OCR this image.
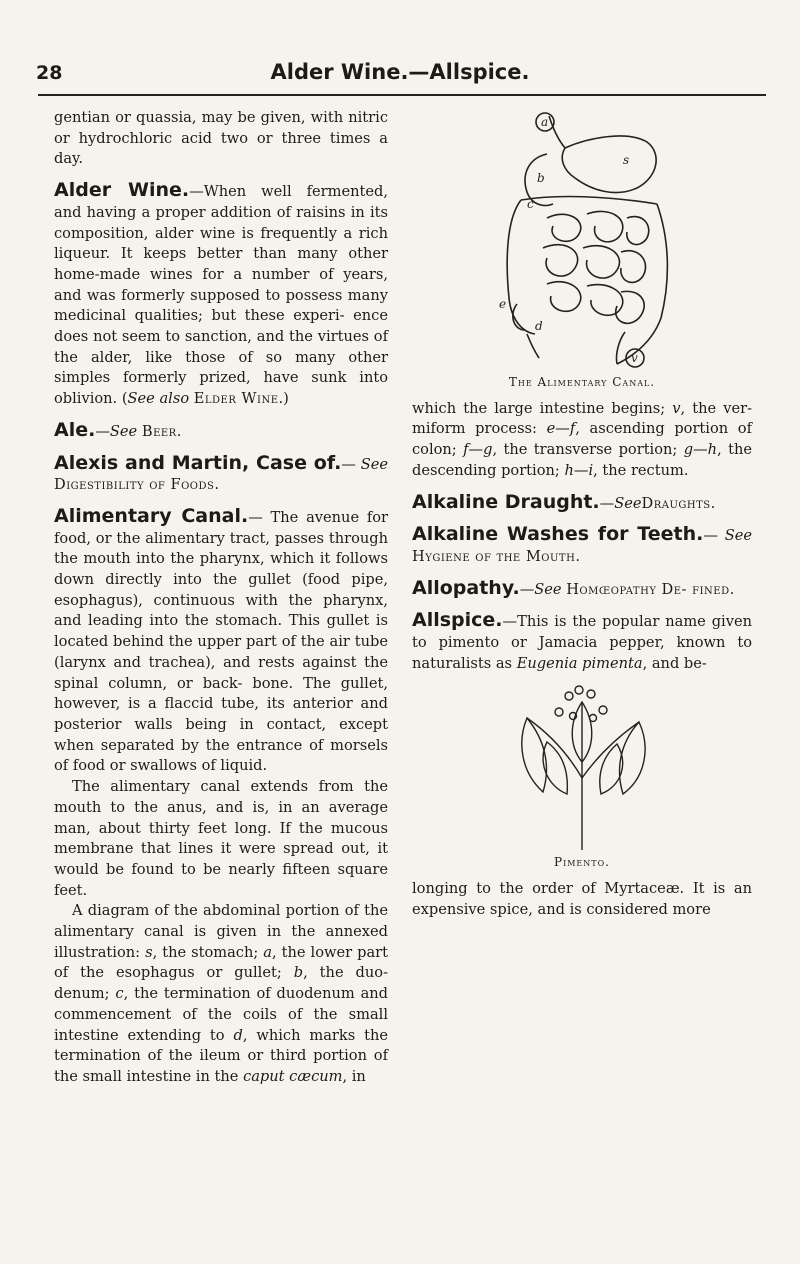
28	Alder Wine.—Allspice.

gentian or quassia, may be given, with nitric or hydrochloric acid two or three times a day.

Alder Wine.—When well fermented, and having a proper addition of raisins in its composition, alder wine is frequently a rich liqueur. It keeps better than many other home-made wines for a number of years, and was formerly supposed to possess many medicinal qualities; but these experi- ence does not seem to sanction, and the virtues of the alder, like those of so many other simples formerly prized, have sunk into oblivion. (See also Elder Wine.)

Ale.—See Beer.

Alexis and Martin, Case of.— See Digestibility of Foods.

Alimentary Canal.— The avenue for food, or the alimentary tract, passes through the mouth into the pharynx, which it follows down directly into the gullet (food pipe, esophagus), continuous with the pharynx, and leading into the stomach. This gullet is located behind the upper part of the air tube (larynx and trachea), and rests against the spinal column, or back- bone. The gullet, however, is a flaccid tube, its anterior and posterior walls being in contact, except when separated by the entrance of morsels of food or swallows of liquid.

The alimentary canal extends from the mouth to the anus, and is, in an average man, about thirty feet long. If the mucous membrane that lines it were spread out, it would be found to be nearly fifteen square feet.

A diagram of the abdominal portion of the alimentary canal is given in the annexed illustration: s, the stomach; a, the lower part of the esophagus or gullet; b, the duo- denum; c, the termination of duodenum and commencement of the coils of the small intestine extending to d, which marks the termination of the ileum or third portion of the small intestine in the caput cæcum, in

a
s
b
c
e
d
v
The Alimentary Canal.

which the large intestine begins; v, the ver- miform process: e—f, ascending portion of colon; f—g, the transverse portion; g—h, the descending portion; h—i, the rectum.

Alkaline Draught.—SeeDraughts.

Alkaline Washes for Teeth.— See Hygiene of the Mouth.

Allopathy.—See Homœopathy De- fined.

Allspice.—This is the popular name given to pimento or Jamacia pepper, known to naturalists as Eugenia pimenta, and be-

Pimento.

longing to the order of Myrtaceæ. It is an expensive spice, and is considered more
